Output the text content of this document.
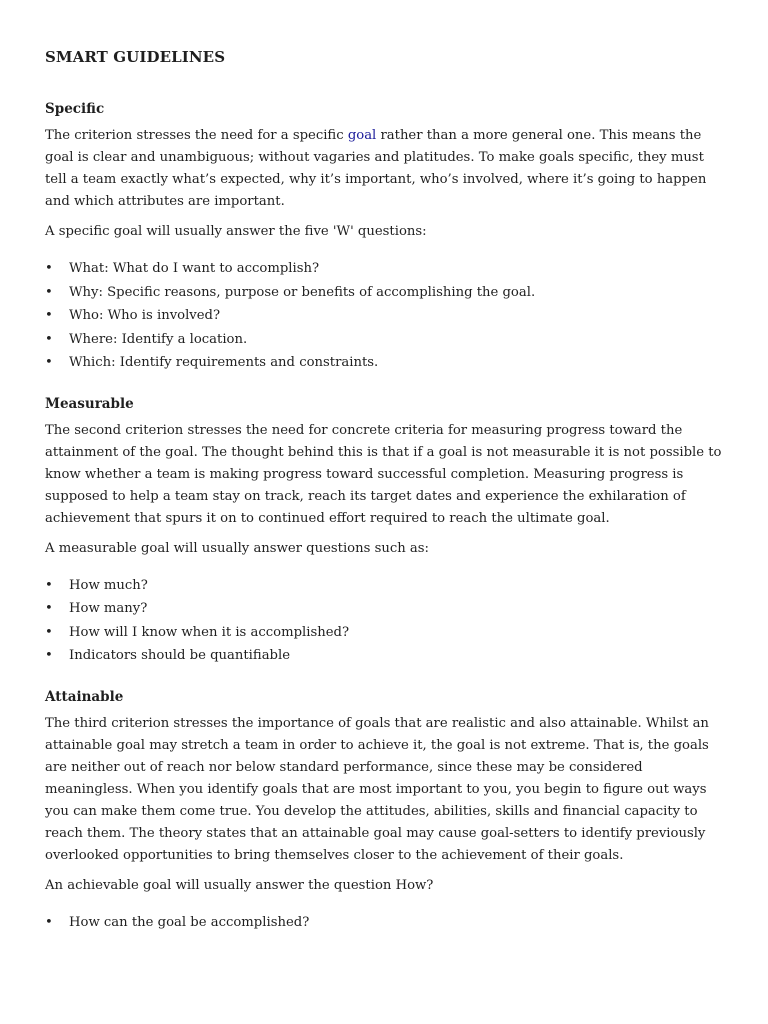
SMART GUIDELINES
Specific

The criterion stresses the need for a specific goal rather than a more general one. This means the goal is clear and unambiguous; without vagaries and platitudes. To make goals specific, they must tell a team exactly what’s expected, why it’s important, who’s involved, where it’s going to happen and which attributes are important.

A specific goal will usually answer the five 'W' questions:

• What: What do I want to accomplish?
• Why: Specific reasons, purpose or benefits of accomplishing the goal.
• Who: Who is involved?
• Where: Identify a location.
• Which: Identify requirements and constraints.
Measurable

The second criterion stresses the need for concrete criteria for measuring progress toward the attainment of the goal. The thought behind this is that if a goal is not measurable it is not possible to know whether a team is making progress toward successful completion. Measuring progress is supposed to help a team stay on track, reach its target dates and experience the exhilaration of achievement that spurs it on to continued effort required to reach the ultimate goal.

A measurable goal will usually answer questions such as:

• How much?
• How many?
• How will I know when it is accomplished?
• Indicators should be quantifiable
Attainable

The third criterion stresses the importance of goals that are realistic and also attainable. Whilst an attainable goal may stretch a team in order to achieve it, the goal is not extreme. That is, the goals are neither out of reach nor below standard performance, since these may be considered meaningless. When you identify goals that are most important to you, you begin to figure out ways you can make them come true. You develop the attitudes, abilities, skills and financial capacity to reach them. The theory states that an attainable goal may cause goal-setters to identify previously overlooked opportunities to bring themselves closer to the achievement of their goals.

An achievable goal will usually answer the question How?

• How can the goal be accomplished?
